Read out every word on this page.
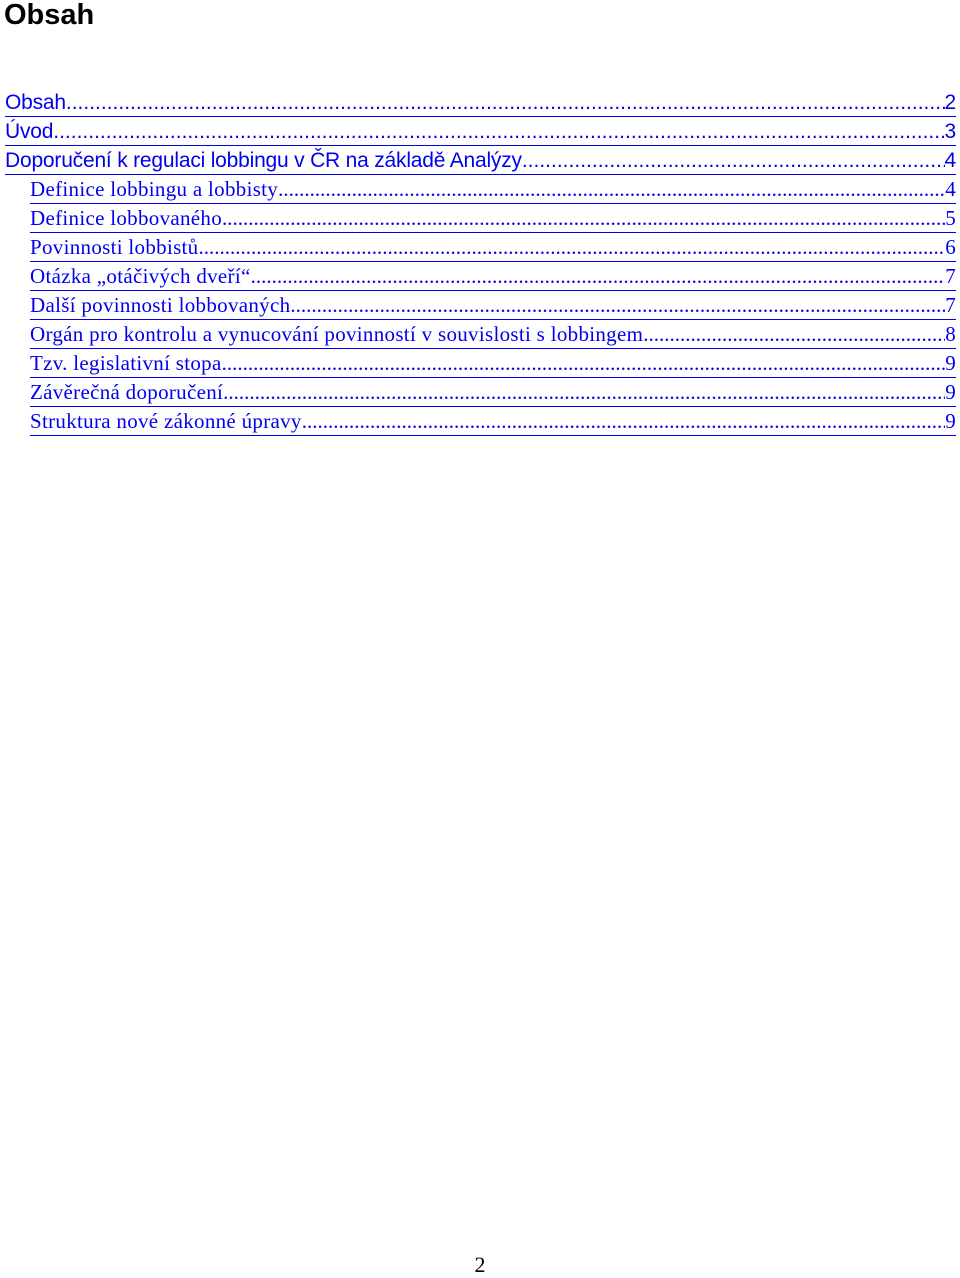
Obsah
Obsah .....	2
Úvod .....	3
Doporučení k regulaci lobbingu v ČR na základě Analýzy .....	4
Definice lobbingu a lobbisty .....	4
Definice lobbovaného .....	5
Povinnosti lobbistů .....	6
Otázka „otáčivých dveří“ .....	7
Další povinnosti lobbovaných .....	7
Orgán pro kontrolu a vynucování povinností v souvislosti s lobbingem .....	8
Tzv. legislativní stopa .....	9
Závěrečná doporučení .....	9
Struktura nové zákonné úpravy .....	9
2
